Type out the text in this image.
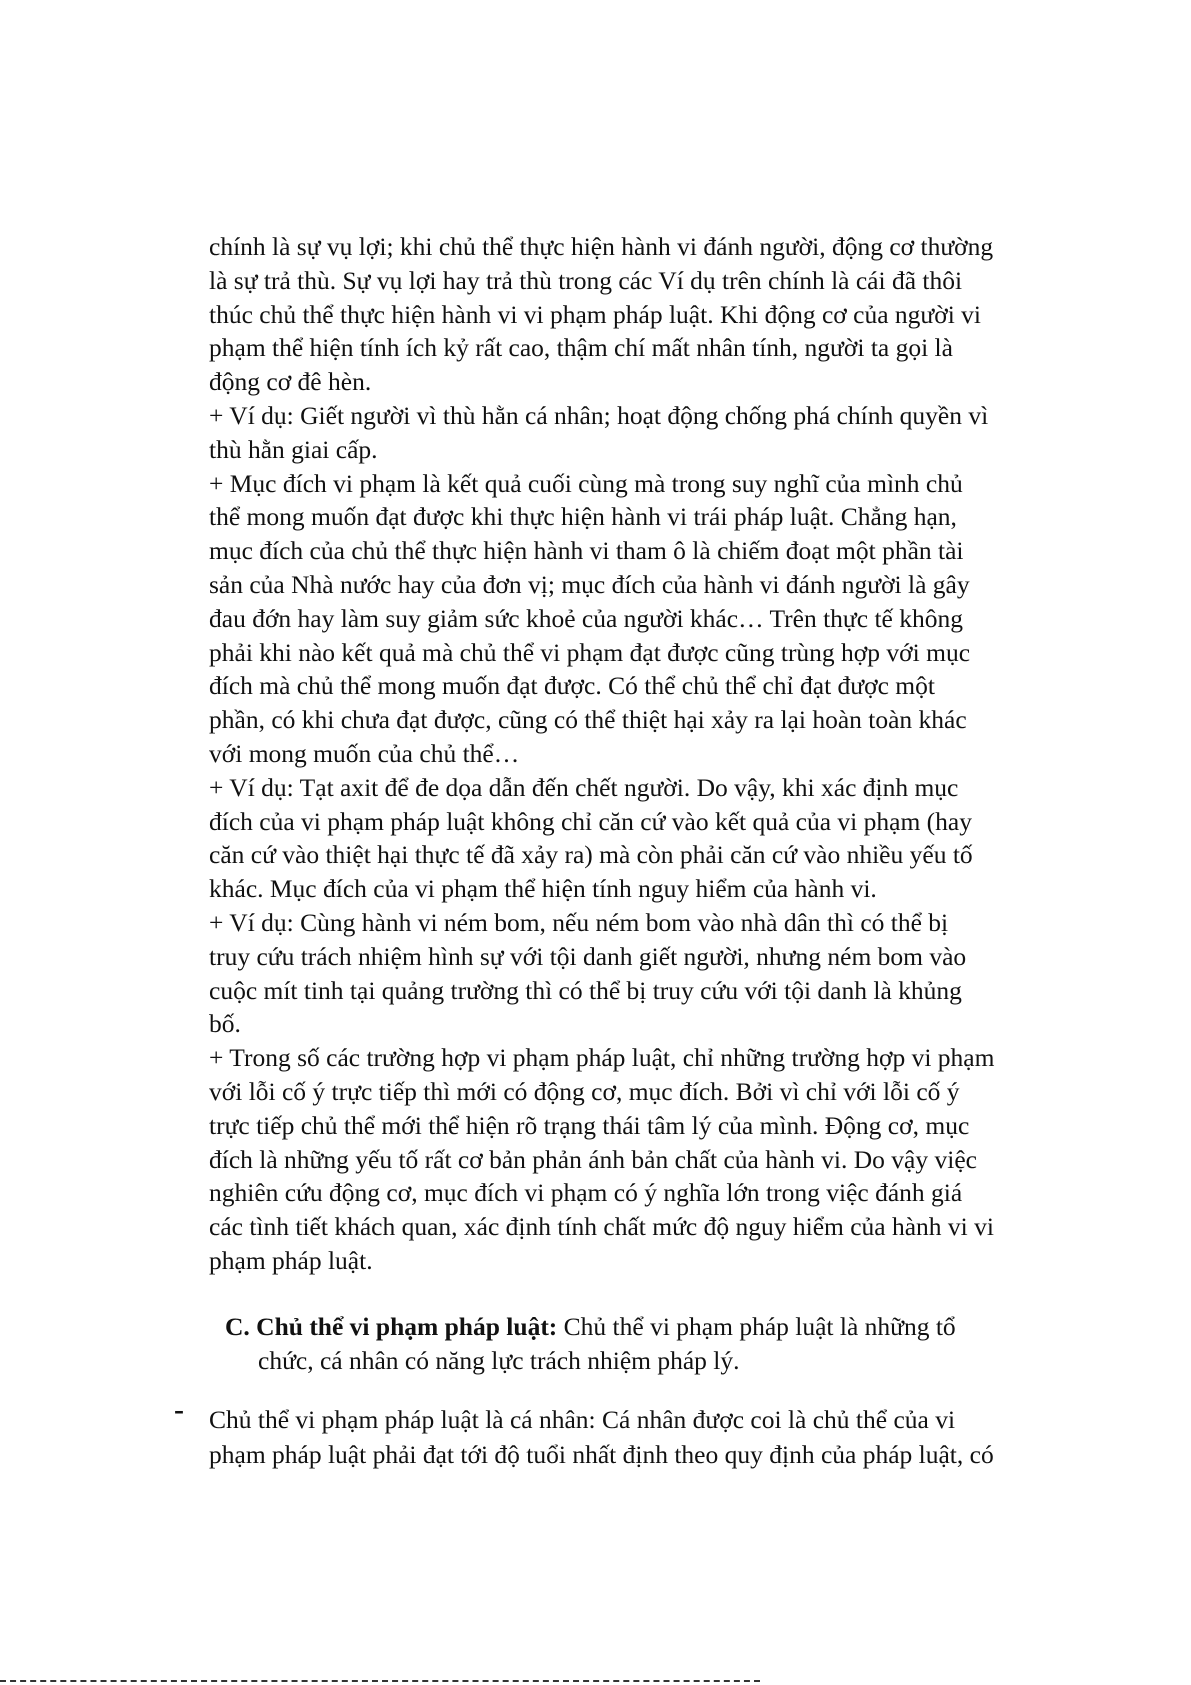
chính là sự vụ lợi; khi chủ thể thực hiện hành vi đánh người, động cơ thường
là sự trả thù. Sự vụ lợi hay trả thù trong các Ví dụ trên chính là cái đã thôi
thúc chủ thể thực hiện hành vi vi phạm pháp luật. Khi động cơ của người vi
phạm thể hiện tính ích kỷ rất cao, thậm chí mất nhân tính, người ta gọi là
động cơ đê hèn.
+ Ví dụ: Giết người vì thù hằn cá nhân; hoạt động chống phá chính quyền vì
thù hằn giai cấp.
+ Mục đích vi phạm là kết quả cuối cùng mà trong suy nghĩ của mình chủ
thể mong muốn đạt được khi thực hiện hành vi trái pháp luật. Chẳng hạn,
mục đích của chủ thể thực hiện hành vi tham ô là chiếm đoạt một phần tài
sản của Nhà nước hay của đơn vị; mục đích của hành vi đánh người là gây
đau đớn hay làm suy giảm sức khoẻ của người khác… Trên thực tế không
phải khi nào kết quả mà chủ thể vi phạm đạt được cũng trùng hợp với mục
đích mà chủ thể mong muốn đạt được. Có thể chủ thể chỉ đạt được một
phần, có khi chưa đạt được, cũng có thể thiệt hại xảy ra lại hoàn toàn khác
với mong muốn của chủ thể…
+ Ví dụ: Tạt axit để đe dọa dẫn đến chết người. Do vậy, khi xác định mục
đích của vi phạm pháp luật không chỉ căn cứ vào kết quả của vi phạm (hay
căn cứ vào thiệt hại thực tế đã xảy ra) mà còn phải căn cứ vào nhiều yếu tố
khác. Mục đích của vi phạm thể hiện tính nguy hiểm của hành vi.
+ Ví dụ: Cùng hành vi ném bom, nếu ném bom vào nhà dân thì có thể bị
truy cứu trách nhiệm hình sự với tội danh giết người, nhưng ném bom vào
cuộc mít tinh tại quảng trường thì có thể bị truy cứu với tội danh là khủng
bố.
+ Trong số các trường hợp vi phạm pháp luật, chỉ những trường hợp vi phạm
với lỗi cố ý trực tiếp thì mới có động cơ, mục đích. Bởi vì chỉ với lỗi cố ý
trực tiếp chủ thể mới thể hiện rõ trạng thái tâm lý của mình. Động cơ, mục
đích là những yếu tố rất cơ bản phản ánh bản chất của hành vi. Do vậy việc
nghiên cứu động cơ, mục đích vi phạm có ý nghĩa lớn trong việc đánh giá
các tình tiết khách quan, xác định tính chất mức độ nguy hiểm của hành vi vi
phạm pháp luật.
C. Chủ thể vi phạm pháp luật: Chủ thể vi phạm pháp luật là những tổ
chức, cá nhân có năng lực trách nhiệm pháp lý.
- Chủ thể vi phạm pháp luật là cá nhân: Cá nhân được coi là chủ thể của vi
phạm pháp luật phải đạt tới độ tuổi nhất định theo quy định của pháp luật, có
